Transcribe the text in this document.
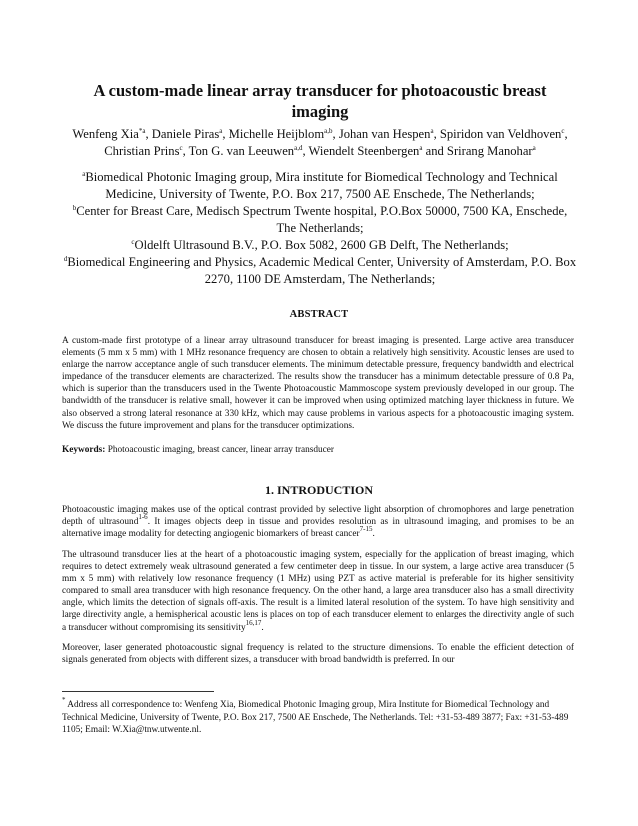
A custom-made linear array transducer for photoacoustic breast imaging
Wenfeng Xia$^{*a}$, Daniele Piras$^a$, Michelle Heijblom$^{a,b}$, Johan van Hespen$^a$, Spiridon van Veldhoven$^c$, Christian Prins$^c$, Ton G. van Leeuwen$^{a,d}$, Wiendelt Steenbergen$^a$ and Srirang Manohar$^a$

$^a$Biomedical Photonic Imaging group, Mira institute for Biomedical Technology and Technical Medicine, University of Twente, P.O. Box 217, 7500 AE Enschede, The Netherlands;

$^b$Center for Breast Care, Medisch Spectrum Twente hospital, P.O.Box 50000, 7500 KA, Enschede, The Netherlands;

$^c$Oldelft Ultrasound B.V., P.O. Box 5082, 2600 GB Delft, The Netherlands;

$^d$Biomedical Engineering and Physics, Academic Medical Center, University of Amsterdam, P.O. Box 2270, 1100 DE Amsterdam, The Netherlands;

ABSTRACT

A custom-made first prototype of a linear array ultrasound transducer for breast imaging is presented. Large active area transducer elements (5 mm x 5 mm) with 1 MHz resonance frequency are chosen to obtain a relatively high sensitivity. Acoustic lenses are used to enlarge the narrow acceptance angle of such transducer elements. The minimum detectable pressure, frequency bandwidth and electrical impedance of the transducer elements are characterized. The results show the transducer has a minimum detectable pressure of 0.8 Pa, which is superior than the transducers used in the Twente Photoacoustic Mammoscope system previously developed in our group. The bandwidth of the transducer is relative small, however it can be improved when using optimized matching layer thickness in future. We also observed a strong lateral resonance at 330 kHz, which may cause problems in various aspects for a photoacoustic imaging system. We discuss the future improvement and plans for the transducer optimizations.

Keywords: Photoacoustic imaging, breast cancer, linear array transducer
1. INTRODUCTION

Photoacoustic imaging makes use of the optical contrast provided by selective light absorption of chromophores and large penetration depth of ultrasound$^{1-6}$. It images objects deep in tissue and provides resolution as in ultrasound imaging, and promises to be an alternative image modality for detecting angiogenic biomarkers of breast cancer$^{7-15}$.

The ultrasound transducer lies at the heart of a photoacoustic imaging system, especially for the application of breast imaging, which requires to detect extremely weak ultrasound generated a few centimeter deep in tissue. In our system, a large active area transducer (5 mm x 5 mm) with relatively low resonance frequency (1 MHz) using PZT as active material is preferable for its higher sensitivity compared to small area transducer with high resonance frequency. On the other hand, a large area transducer also has a small directivity angle, which limits the detection of signals off-axis. The result is a limited lateral resolution of the system. To have high sensitivity and large directivity angle, a hemispherical acoustic lens is places on top of each transducer element to enlarges the directivity angle of such a transducer without compromising its sensitivity$^{16,17}$.

Moreover, laser generated photoacoustic signal frequency is related to the structure dimensions. To enable the efficient detection of signals generated from objects with different sizes, a transducer with broad bandwidth is preferred. In our

* Address all correspondence to: Wenfeng Xia, Biomedical Photonic Imaging group, Mira Institute for Biomedical Technology and Technical Medicine, University of Twente, P.O. Box 217, 7500 AE Enschede, The Netherlands. Tel: +31-53-489 3877; Fax: +31-53-489 1105; Email: W.Xia@tnw.utwente.nl.
